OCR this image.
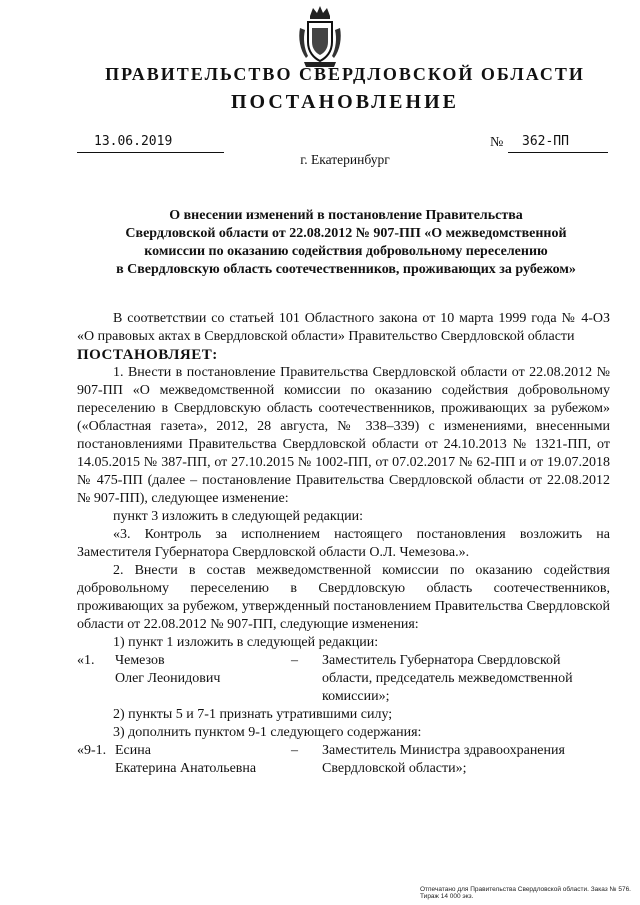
ПРАВИТЕЛЬСТВО СВЕРДЛОВСКОЙ ОБЛАСТИ
ПОСТАНОВЛЕНИЕ
13.06.2019	№ 362-ПП
г. Екатеринбург
О внесении изменений в постановление Правительства
Свердловской области от 22.08.2012 № 907-ПП «О межведомственной
комиссии по оказанию содействия добровольному переселению
в Свердловскую область соотечественников, проживающих за рубежом»

В соответствии со статьей 101 Областного закона от 10 марта 1999 года № 4-ОЗ «О правовых актах в Свердловской области» Правительство Свердловской области

ПОСТАНОВЛЯЕТ:

1. Внести в постановление Правительства Свердловской области от 22.08.2012 № 907-ПП «О межведомственной комиссии по оказанию содействия добровольному переселению в Свердловскую область соотечественников, проживающих за рубежом» («Областная газета», 2012, 28 августа, № 338–339) с изменениями, внесенными постановлениями Правительства Свердловской области от 24.10.2013 № 1321-ПП, от 14.05.2015 № 387-ПП, от 27.10.2015 № 1002-ПП, от 07.02.2017 № 62-ПП и от 19.07.2018 № 475-ПП (далее – постановление Правительства Свердловской области от 22.08.2012 № 907-ПП), следующее изменение:

пункт 3 изложить в следующей редакции:

«3. Контроль за исполнением настоящего постановления возложить на Заместителя Губернатора Свердловской области О.Л. Чемезова.».

2. Внести в состав межведомственной комиссии по оказанию содействия добровольному переселению в Свердловскую область соотечественников, проживающих за рубежом, утвержденный постановлением Правительства Свердловской области от 22.08.2012 № 907-ПП, следующие изменения:

1) пункт 1 изложить в следующей редакции:

«1.	Чемезов
Олег Леонидович
–	Заместитель Губернатора Свердловской области, председатель межведомственной комиссии»;

2) пункты 5 и 7-1 признать утратившими силу;

3) дополнить пунктом 9-1 следующего содержания:

«9-1. Есина
Екатерина Анатольевна
–	Заместитель Министра здравоохранения Свердловской области»;
Отпечатано для Правительства Свердловской области. Заказ № 576. Тираж 14 000 экз.
